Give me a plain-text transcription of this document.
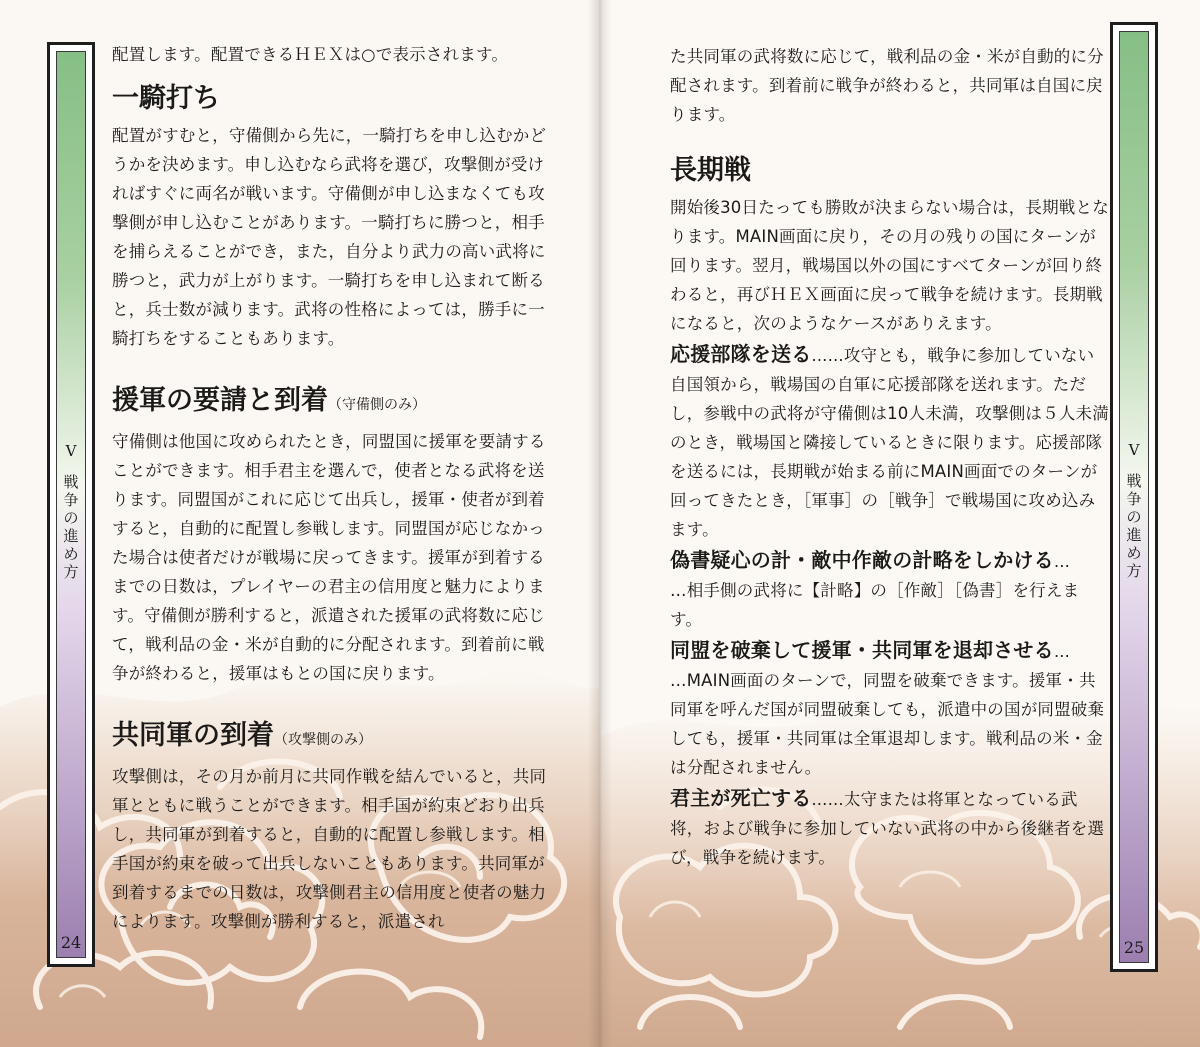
V
戦争の進め方
24

配置します。配置できるＨＥＸは○で表示されます。

一騎打ち

配置がすむと，守備側から先に，一騎打ちを申し込むかどうかを決めます。申し込むなら武将を選び，攻撃側が受ければすぐに両名が戦います。守備側が申し込まなくても攻撃側が申し込むことがあります。一騎打ちに勝つと，相手を捕らえることができ，また，自分より武力の高い武将に勝つと，武力が上がります。一騎打ちを申し込まれて断ると，兵士数が減ります。武将の性格によっては，勝手に一騎打ちをすることもあります。

援軍の要請と到着（守備側のみ）

守備側は他国に攻められたとき，同盟国に援軍を要請することができます。相手君主を選んで，使者となる武将を送ります。同盟国がこれに応じて出兵し，援軍・使者が到着すると，自動的に配置し参戦します。同盟国が応じなかった場合は使者だけが戦場に戻ってきます。援軍が到着するまでの日数は，プレイヤーの君主の信用度と魅力によります。守備側が勝利すると，派遣された援軍の武将数に応じて，戦利品の金・米が自動的に分配されます。到着前に戦争が終わると，援軍はもとの国に戻ります。

共同軍の到着（攻撃側のみ）

攻撃側は，その月か前月に共同作戦を結んでいると，共同軍とともに戦うことができます。相手国が約束どおり出兵し，共同軍が到着すると，自動的に配置し参戦します。相手国が約束を破って出兵しないこともあります。共同軍が到着するまでの日数は，攻撃側君主の信用度と使者の魅力によります。攻撃側が勝利すると，派遣され

た共同軍の武将数に応じて，戦利品の金・米が自動的に分配されます。到着前に戦争が終わると，共同軍は自国に戻ります。

長期戦

開始後30日たっても勝敗が決まらない場合は，長期戦となります。MAIN画面に戻り，その月の残りの国にターンが回ります。翌月，戦場国以外の国にすべてターンが回り終わると，再びＨＥＸ画面に戻って戦争を続けます。長期戦になると，次のようなケースがありえます。

応援部隊を送る……攻守とも，戦争に参加していない自国領から，戦場国の自軍に応援部隊を送れます。ただし，参戦中の武将が守備側は10人未満，攻撃側は５人未満のとき，戦場国と隣接しているときに限ります。応援部隊を送るには，長期戦が始まる前にMAIN画面でのターンが回ってきたとき，［軍事］の［戦争］で戦場国に攻め込みます。

偽書疑心の計・敵中作敵の計略をしかける…
…相手側の武将に【計略】の［作敵］［偽書］を行えます。

同盟を破棄して援軍・共同軍を退却させる…
…MAIN画面のターンで，同盟を破棄できます。援軍・共同軍を呼んだ国が同盟破棄しても，派遣中の国が同盟破棄しても，援軍・共同軍は全軍退却します。戦利品の米・金は分配されません。

君主が死亡する……太守または将軍となっている武将，および戦争に参加していない武将の中から後継者を選び，戦争を続けます。

V
戦争の進め方
25
